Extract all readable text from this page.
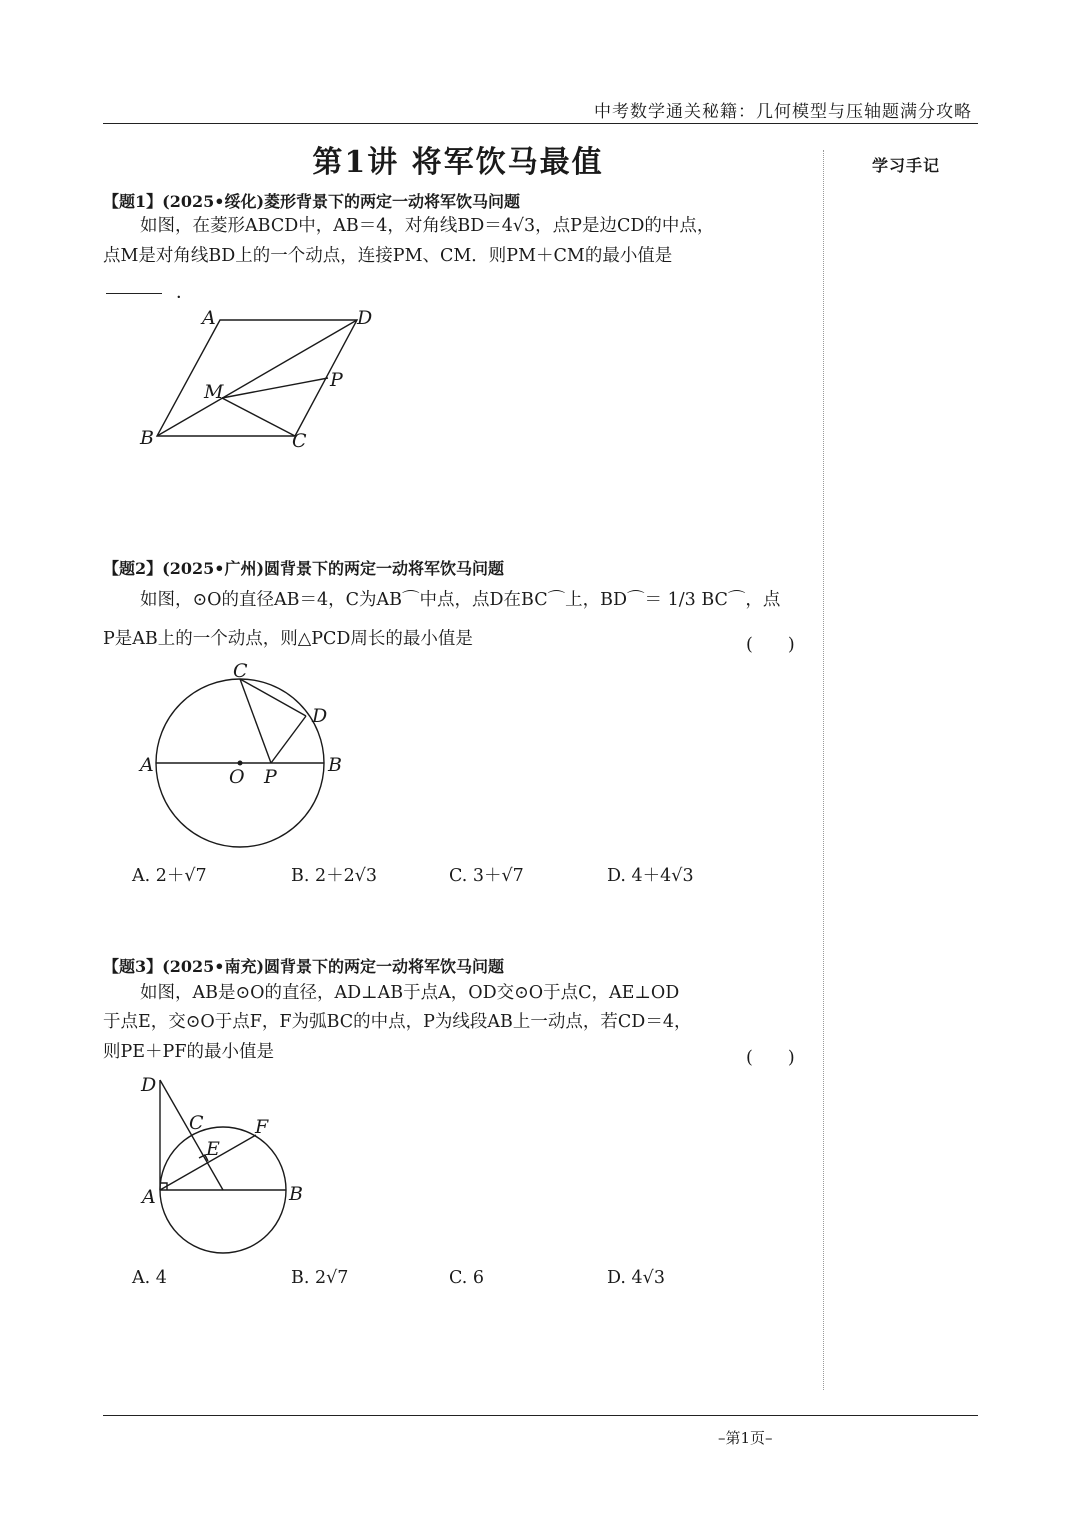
中考数学通关秘籍：几何模型与压轴题满分攻略
学习手记
第1讲 将军饮马最值
【题1】(2025•绥化)菱形背景下的两定一动将军饮马问题
如图，在菱形ABCD中，AB＝4，对角线BD＝4√3，点P是边CD的中点，
点M是对角线BD上的一个动点，连接PM、CM．则PM＋CM的最小值是
．
A	D
M
P
B	C
【题2】(2025•广州)圆背景下的两定一动将军饮马问题
如图，⊙O的直径AB＝4，C为AB⌒中点，点D在BC⌒上，BD⌒＝ 1/3 BC⌒，点
P是AB上的一个动点，则△PCD周长的最小值是	(　　)
C
D
A	B
O P
A. 2＋√7	B. 2＋2√3	C. 3＋√7	D. 4＋4√3
【题3】(2025•南充)圆背景下的两定一动将军饮马问题
如图，AB是⊙O的直径，AD⊥AB于点A，OD交⊙O于点C，AE⊥OD
于点E，交⊙O于点F，F为弧BC的中点，P为线段AB上一动点，若CD＝4，
则PE＋PF的最小值是	(　　)
D
C	F
E
A	B
A. 4	B. 2√7	C. 6	D. 4√3
–第1页–
